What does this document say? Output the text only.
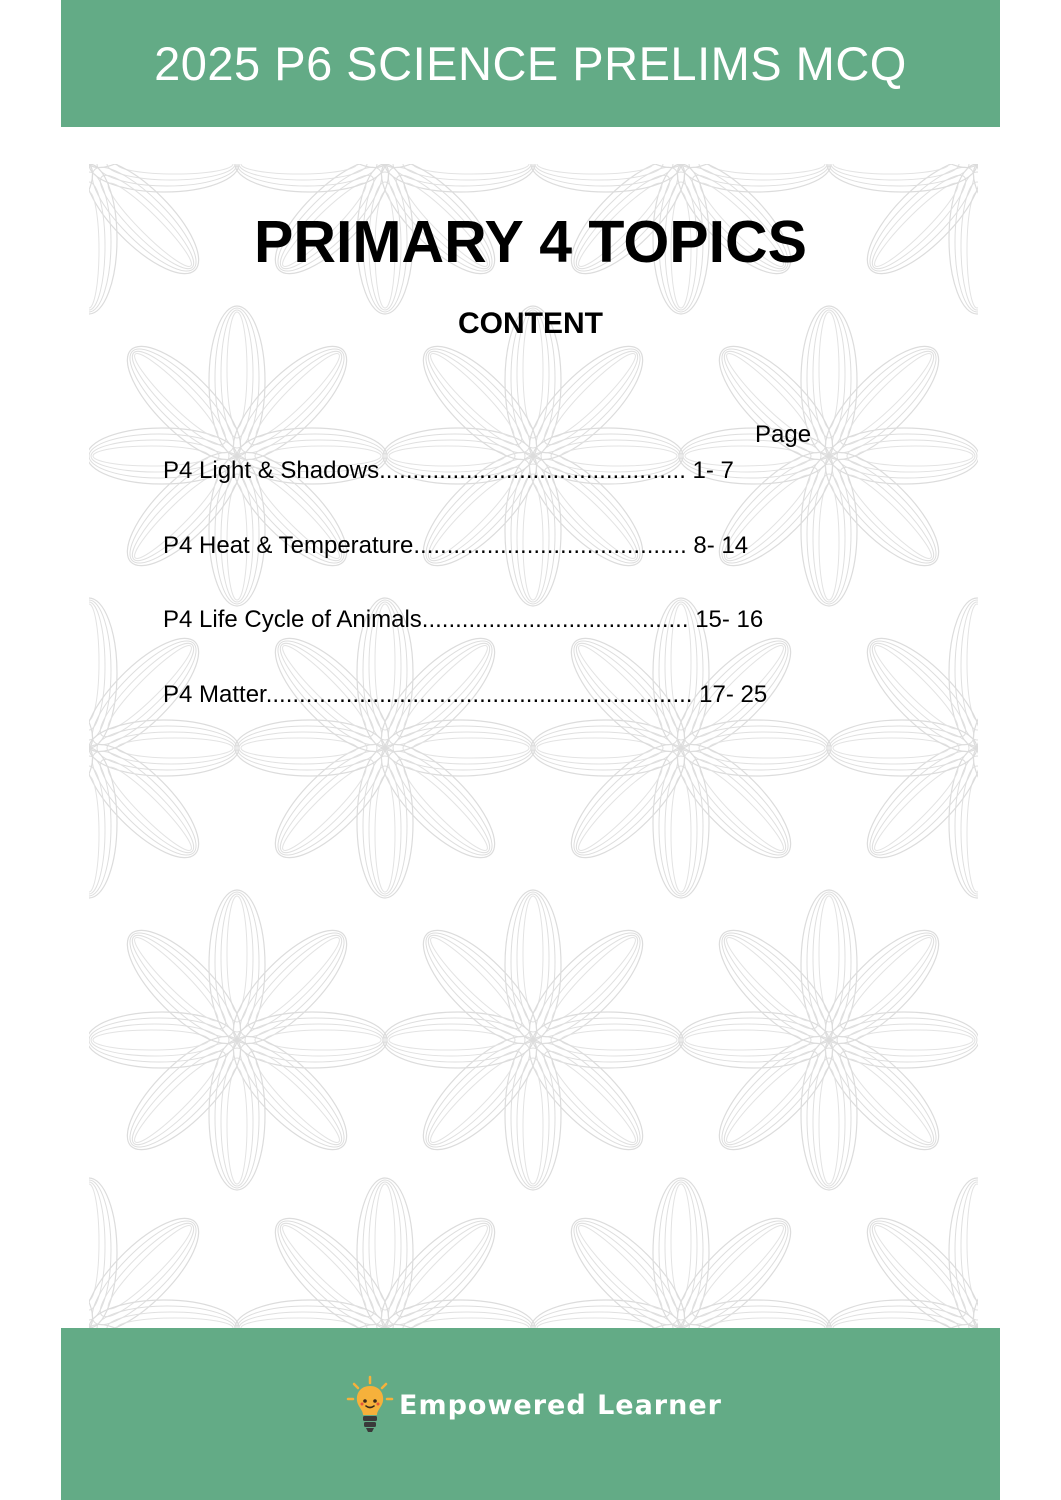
2025 P6 SCIENCE PRELIMS MCQ
PRIMARY 4 TOPICS
CONTENT
Page
P4 Light & Shadows.............................................. 1- 7
P4 Heat & Temperature......................................... 8- 14
P4 Life Cycle of Animals........................................ 15- 16
P4 Matter................................................................ 17- 25
Empowered Learner
